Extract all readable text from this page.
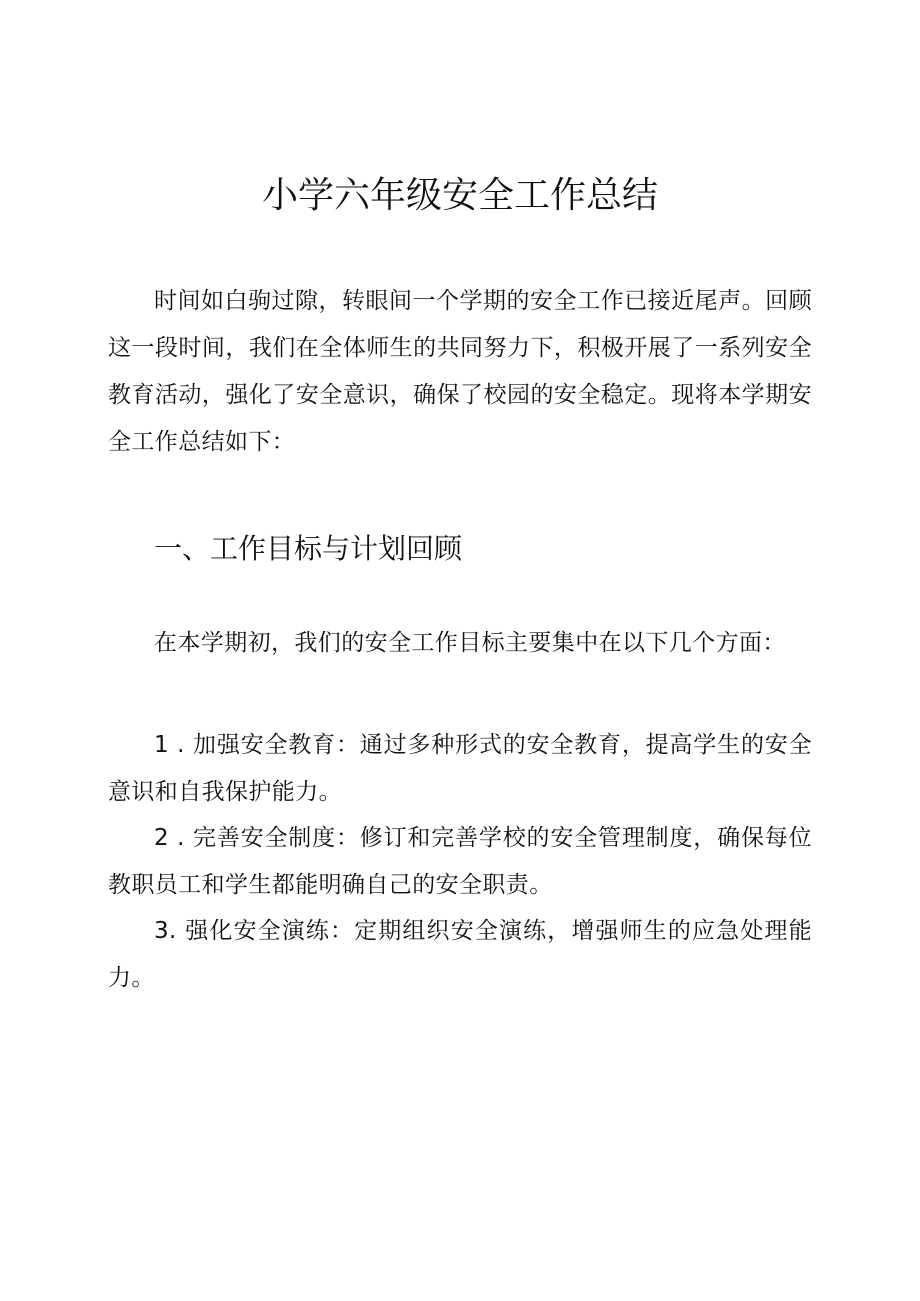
小学六年级安全工作总结

时间如白驹过隙，转眼间一个学期的安全工作已接近尾声。回顾这一段时间，我们在全体师生的共同努力下，积极开展了一系列安全教育活动，强化了安全意识，确保了校园的安全稳定。现将本学期安全工作总结如下：

一、工作目标与计划回顾

在本学期初，我们的安全工作目标主要集中在以下几个方面：

1 . 加强安全教育：通过多种形式的安全教育，提高学生的安全意识和自我保护能力。

2 . 完善安全制度：修订和完善学校的安全管理制度，确保每位教职员工和学生都能明确自己的安全职责。

3. 强化安全演练：定期组织安全演练，增强师生的应急处理能力。
